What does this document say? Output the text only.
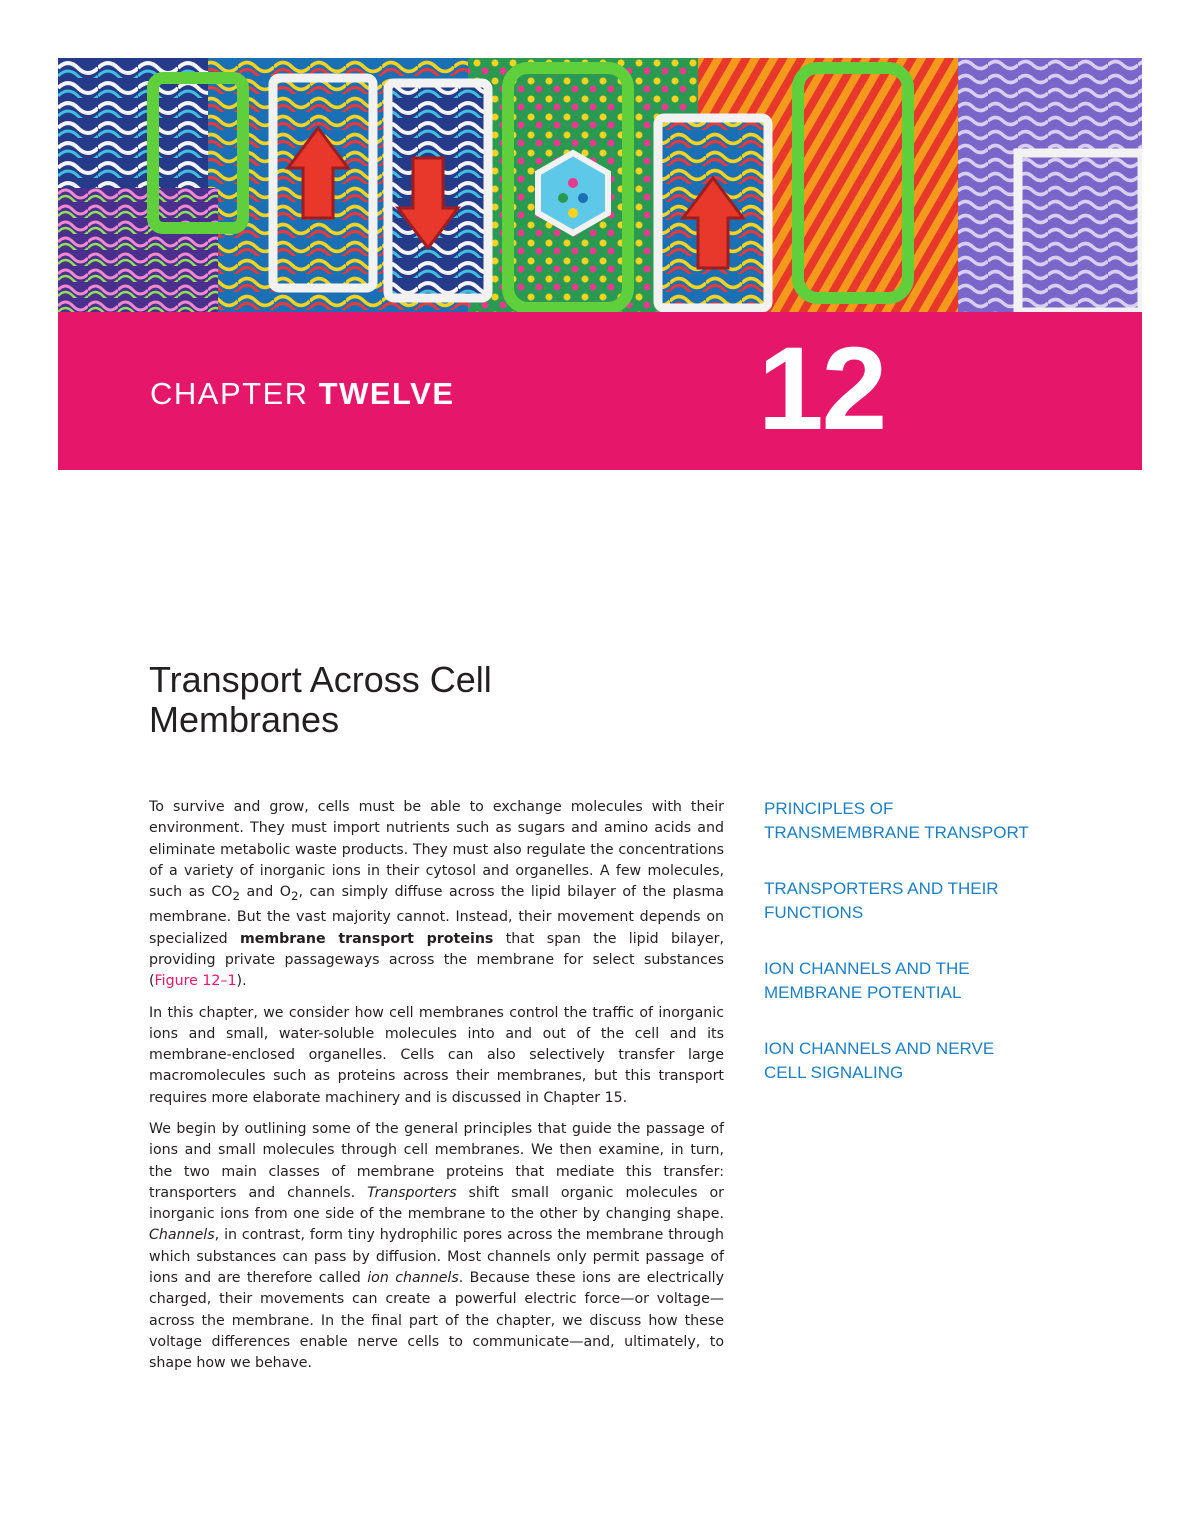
CHAPTER TWELVE	12
Transport Across Cell
Membranes

To survive and grow, cells must be able to exchange molecules with their environment. They must import nutrients such as sugars and amino acids and eliminate metabolic waste products. They must also regulate the concentrations of a variety of inorganic ions in their cytosol and organelles. A few molecules, such as $CO_2$ and $O_2$, can simply diffuse across the lipid bilayer of the plasma membrane. But the vast majority cannot. Instead, their movement depends on specialized membrane transport proteins that span the lipid bilayer, providing private passageways across the membrane for select substances (Figure 12–1).

In this chapter, we consider how cell membranes control the traffic of inorganic ions and small, water-soluble molecules into and out of the cell and its membrane-enclosed organelles. Cells can also selectively transfer large macromolecules such as proteins across their membranes, but this transport requires more elaborate machinery and is discussed in Chapter 15.

We begin by outlining some of the general principles that guide the passage of ions and small molecules through cell membranes. We then examine, in turn, the two main classes of membrane proteins that mediate this transfer: transporters and channels. Transporters shift small organic molecules or inorganic ions from one side of the membrane to the other by changing shape. Channels, in contrast, form tiny hydrophilic pores across the membrane through which substances can pass by diffusion. Most channels only permit passage of ions and are therefore called ion channels. Because these ions are electrically charged, their movements can create a powerful electric force—or voltage—across the membrane. In the final part of the chapter, we discuss how these voltage differences enable nerve cells to communicate—and, ultimately, to shape how we behave.

PRINCIPLES OF
TRANSMEMBRANE TRANSPORT
TRANSPORTERS AND THEIR
FUNCTIONS
ION CHANNELS AND THE
MEMBRANE POTENTIAL
ION CHANNELS AND NERVE
CELL SIGNALING
